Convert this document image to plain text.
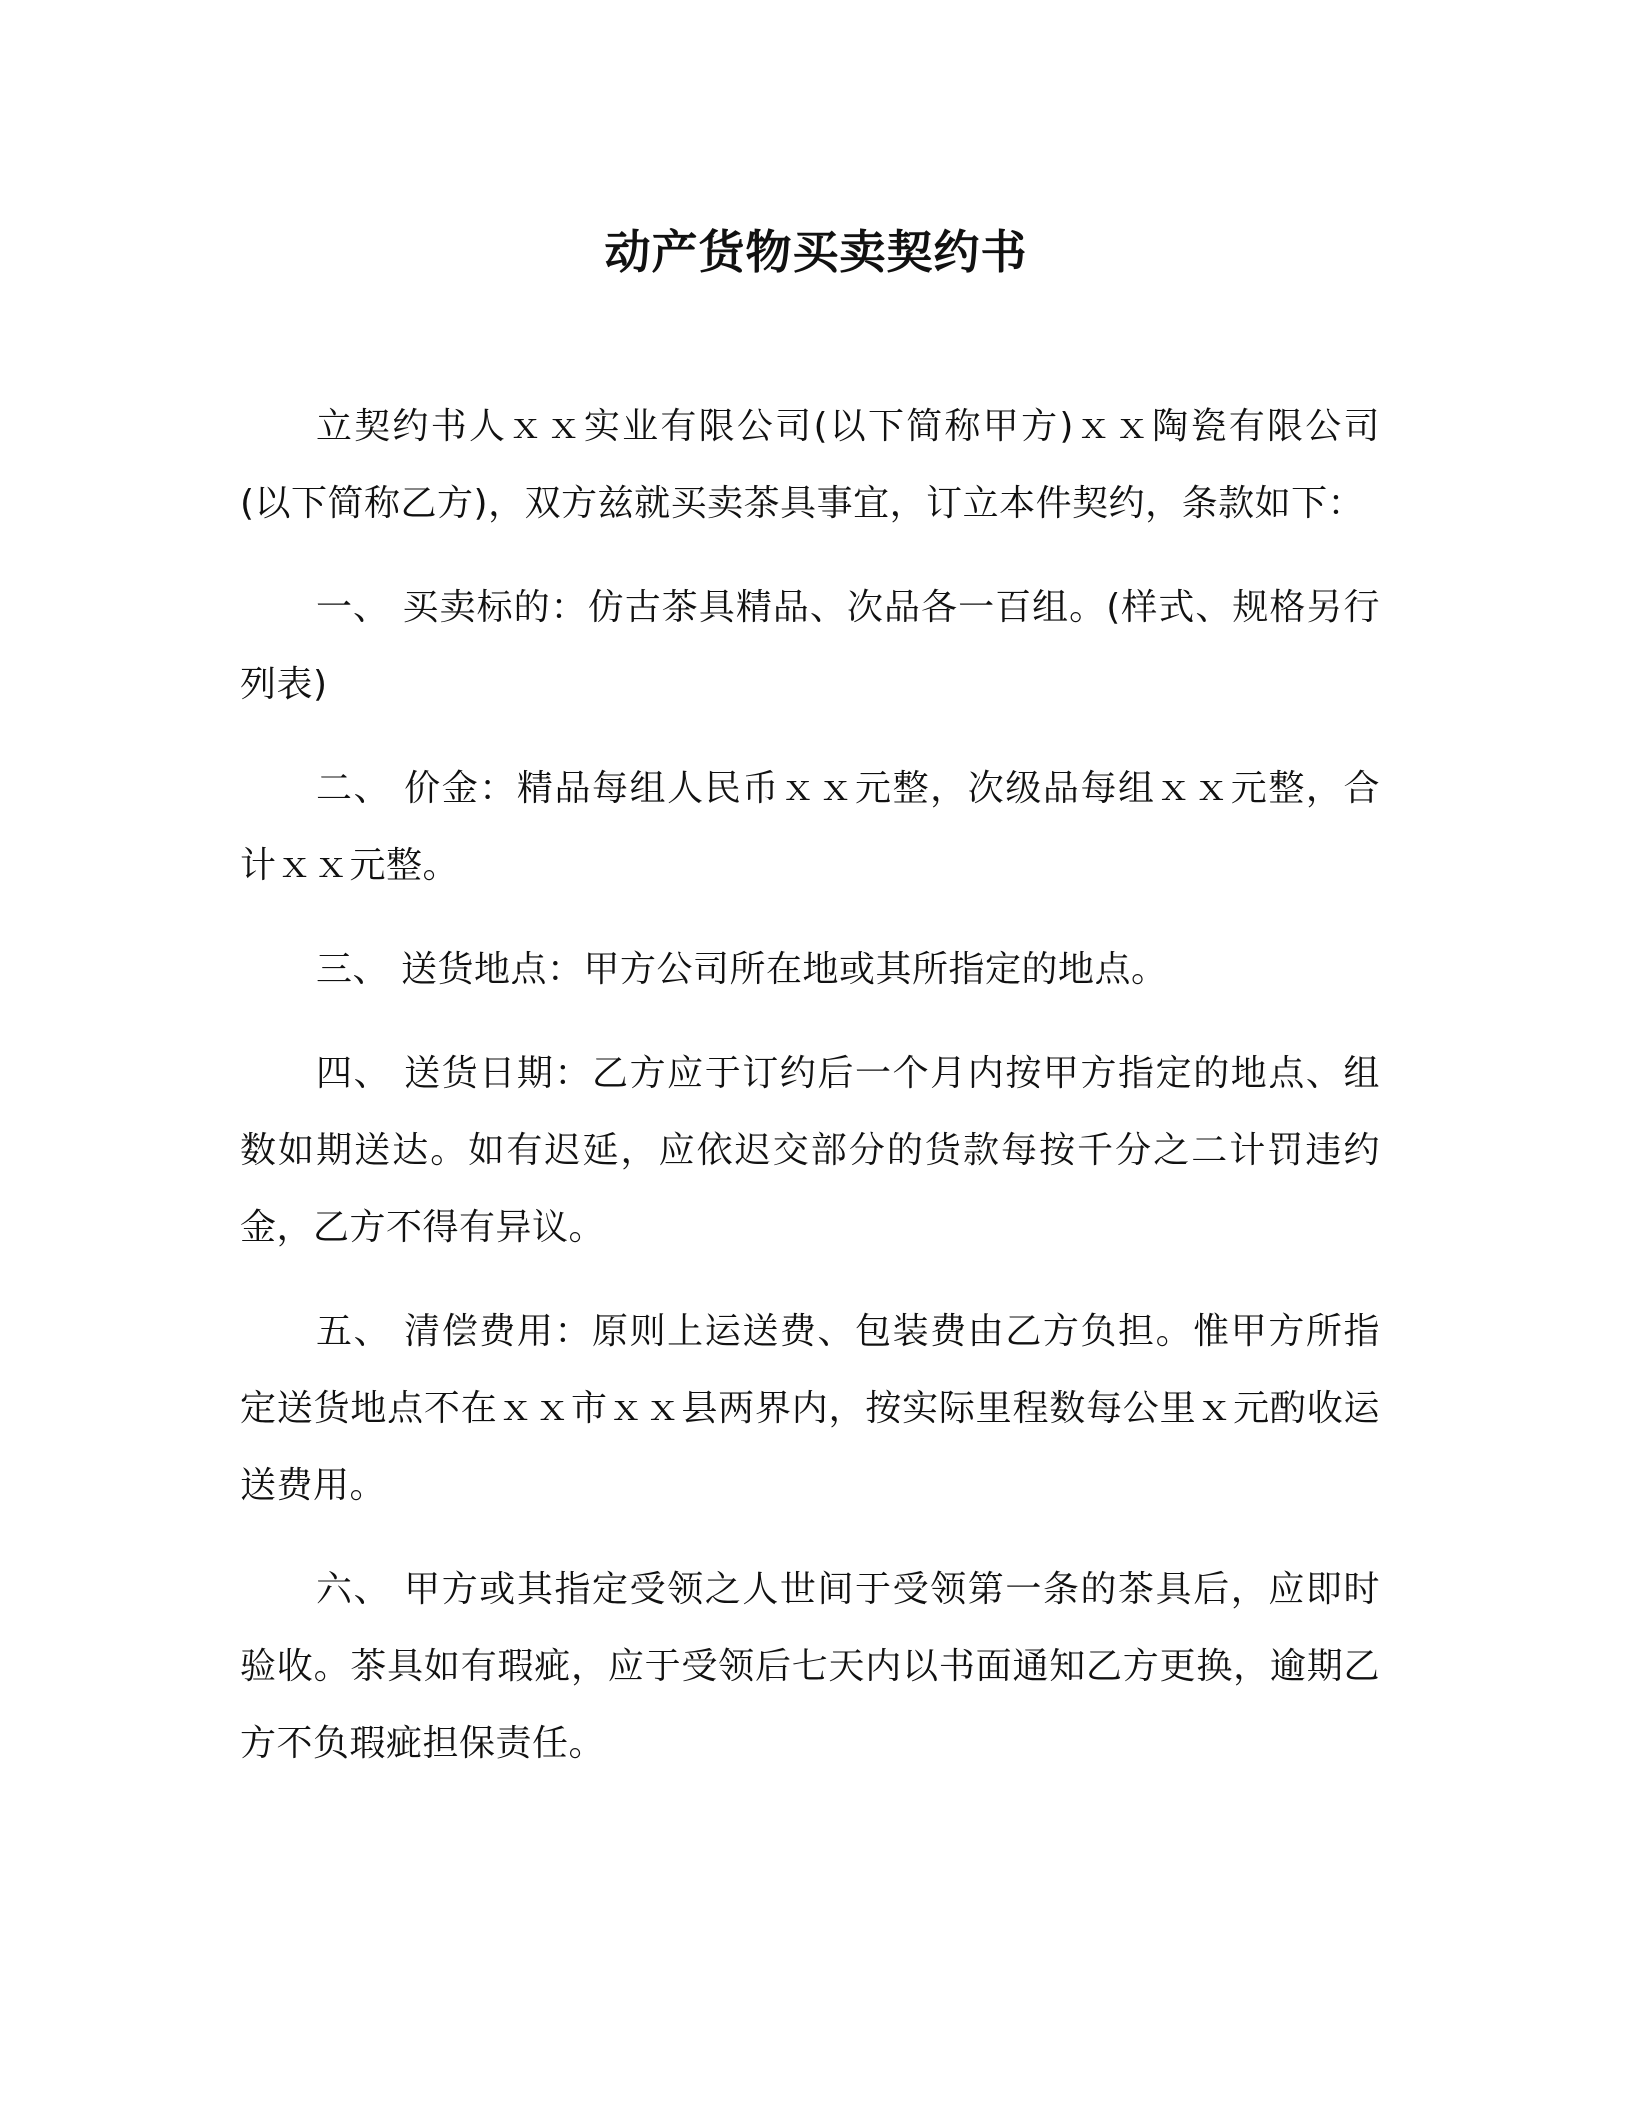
动产货物买卖契约书

立契约书人ｘｘ实业有限公司(以下简称甲方)ｘｘ陶瓷有限公司(以下简称乙方)，双方兹就买卖茶具事宜，订立本件契约，条款如下：

一、 买卖标的：仿古茶具精品、次品各一百组。(样式、规格另行列表)

二、 价金：精品每组人民币ｘｘ元整，次级品每组ｘｘ元整，合计ｘｘ元整。

三、 送货地点：甲方公司所在地或其所指定的地点。

四、 送货日期：乙方应于订约后一个月内按甲方指定的地点、组数如期送达。如有迟延，应依迟交部分的货款每按千分之二计罚违约金，乙方不得有异议。

五、 清偿费用：原则上运送费、包装费由乙方负担。惟甲方所指定送货地点不在ｘｘ市ｘｘ县两界内，按实际里程数每公里ｘ元酌收运送费用。

六、 甲方或其指定受领之人世间于受领第一条的茶具后，应即时验收。茶具如有瑕疵，应于受领后七天内以书面通知乙方更换，逾期乙方不负瑕疵担保责任。
